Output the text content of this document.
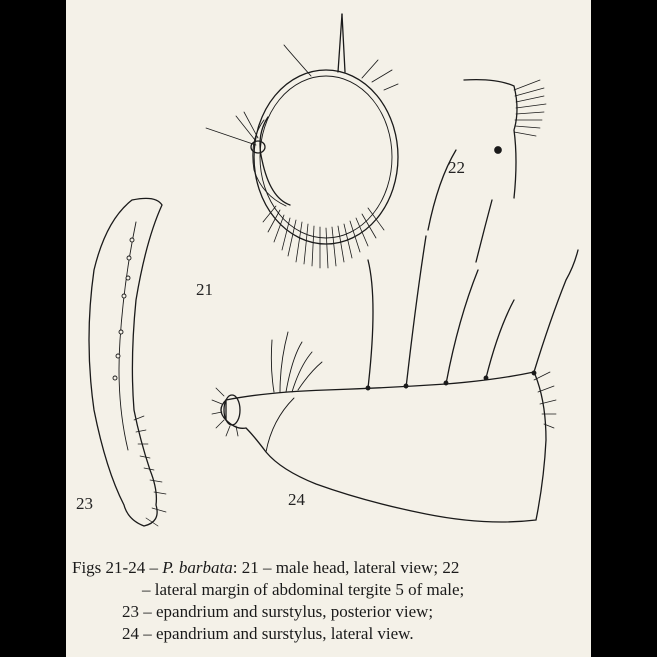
21
22
23	24
Figs 21-24 – P. barbata: 21 – male head, lateral view; 22
– lateral margin of abdominal tergite 5 of male;
23 – epandrium and surstylus, posterior view;
24 – epandrium and surstylus, lateral view.
